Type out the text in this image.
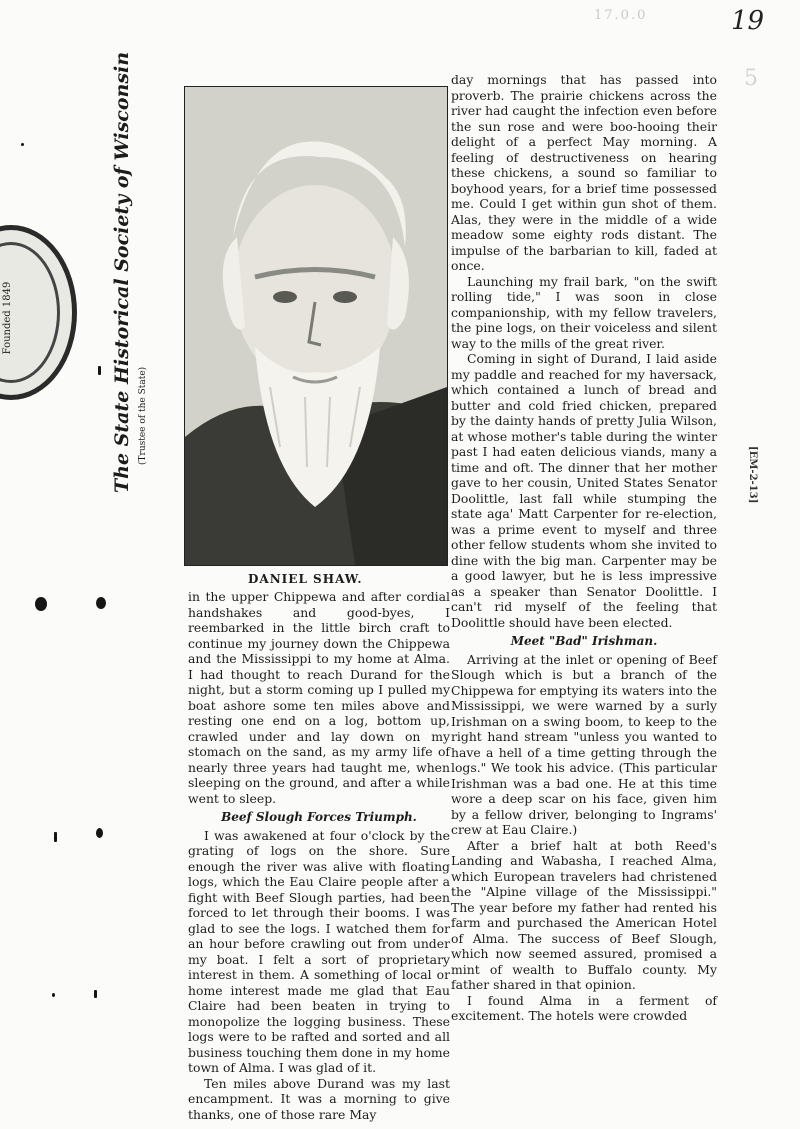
19
17.0.0
5
Founded 1849	The State Historical Society of Wisconsin (Trustee of the State)
[EM-2-13]
DANIEL SHAW.

in the upper Chippewa and after cordial handshakes and good-byes, I reembarked in the little birch craft to continue my journey down the Chippewa and the Mississippi to my home at Alma. I had thought to reach Durand for the night, but a storm coming up I pulled my boat ashore some ten miles above and resting one end on a log, bottom up, crawled under and lay down on my stomach on the sand, as my army life of nearly three years had taught me, when sleeping on the ground, and after a while went to sleep.

Beef Slough Forces Triumph.

I was awakened at four o'clock by the grating of logs on the shore. Sure enough the river was alive with floating logs, which the Eau Claire people after a fight with Beef Slough parties, had been forced to let through their booms. I was glad to see the logs. I watched them for an hour before crawling out from under my boat. I felt a sort of proprietary interest in them. A something of local or home interest made me glad that Eau Claire had been beaten in trying to monopolize the logging business. These logs were to be rafted and sorted and all business touching them done in my home town of Alma. I was glad of it.

Ten miles above Durand was my last encampment. It was a morning to give thanks, one of those rare May

day mornings that has passed into proverb. The prairie chickens across the river had caught the infection even before the sun rose and were boo-hooing their delight of a perfect May morning. A feeling of destructiveness on hearing these chickens, a sound so familiar to boyhood years, for a brief time possessed me. Could I get within gun shot of them. Alas, they were in the middle of a wide meadow some eighty rods distant. The impulse of the barbarian to kill, faded at once.

Launching my frail bark, "on the swift rolling tide," I was soon in close companionship, with my fellow travelers, the pine logs, on their voiceless and silent way to the mills of the great river.

Coming in sight of Durand, I laid aside my paddle and reached for my haversack, which contained a lunch of bread and butter and cold fried chicken, prepared by the dainty hands of pretty Julia Wilson, at whose mother's table during the winter past I had eaten delicious viands, many a time and oft. The dinner that her mother gave to her cousin, United States Senator Doolittle, last fall while stumping the state aga' Matt Carpenter for re-election, was a prime event to myself and three other fellow students whom she invited to dine with the big man. Carpenter may be a good lawyer, but he is less impressive as a speaker than Senator Doolittle. I can't rid myself of the feeling that Doolittle should have been elected.

Meet "Bad" Irishman.

Arriving at the inlet or opening of Beef Slough which is but a branch of the Chippewa for emptying its waters into the Mississippi, we were warned by a surly Irishman on a swing boom, to keep to the right hand stream "unless you wanted to have a hell of a time getting through the logs." We took his advice. (This particular Irishman was a bad one. He at this time wore a deep scar on his face, given him by a fellow driver, belonging to Ingrams' crew at Eau Claire.)

After a brief halt at both Reed's Landing and Wabasha, I reached Alma, which European travelers had christened the "Alpine village of the Mississippi." The year before my father had rented his farm and purchased the American Hotel of Alma. The success of Beef Slough, which now seemed assured, promised a mint of wealth to Buffalo county. My father shared in that opinion.

I found Alma in a ferment of excitement. The hotels were crowded
